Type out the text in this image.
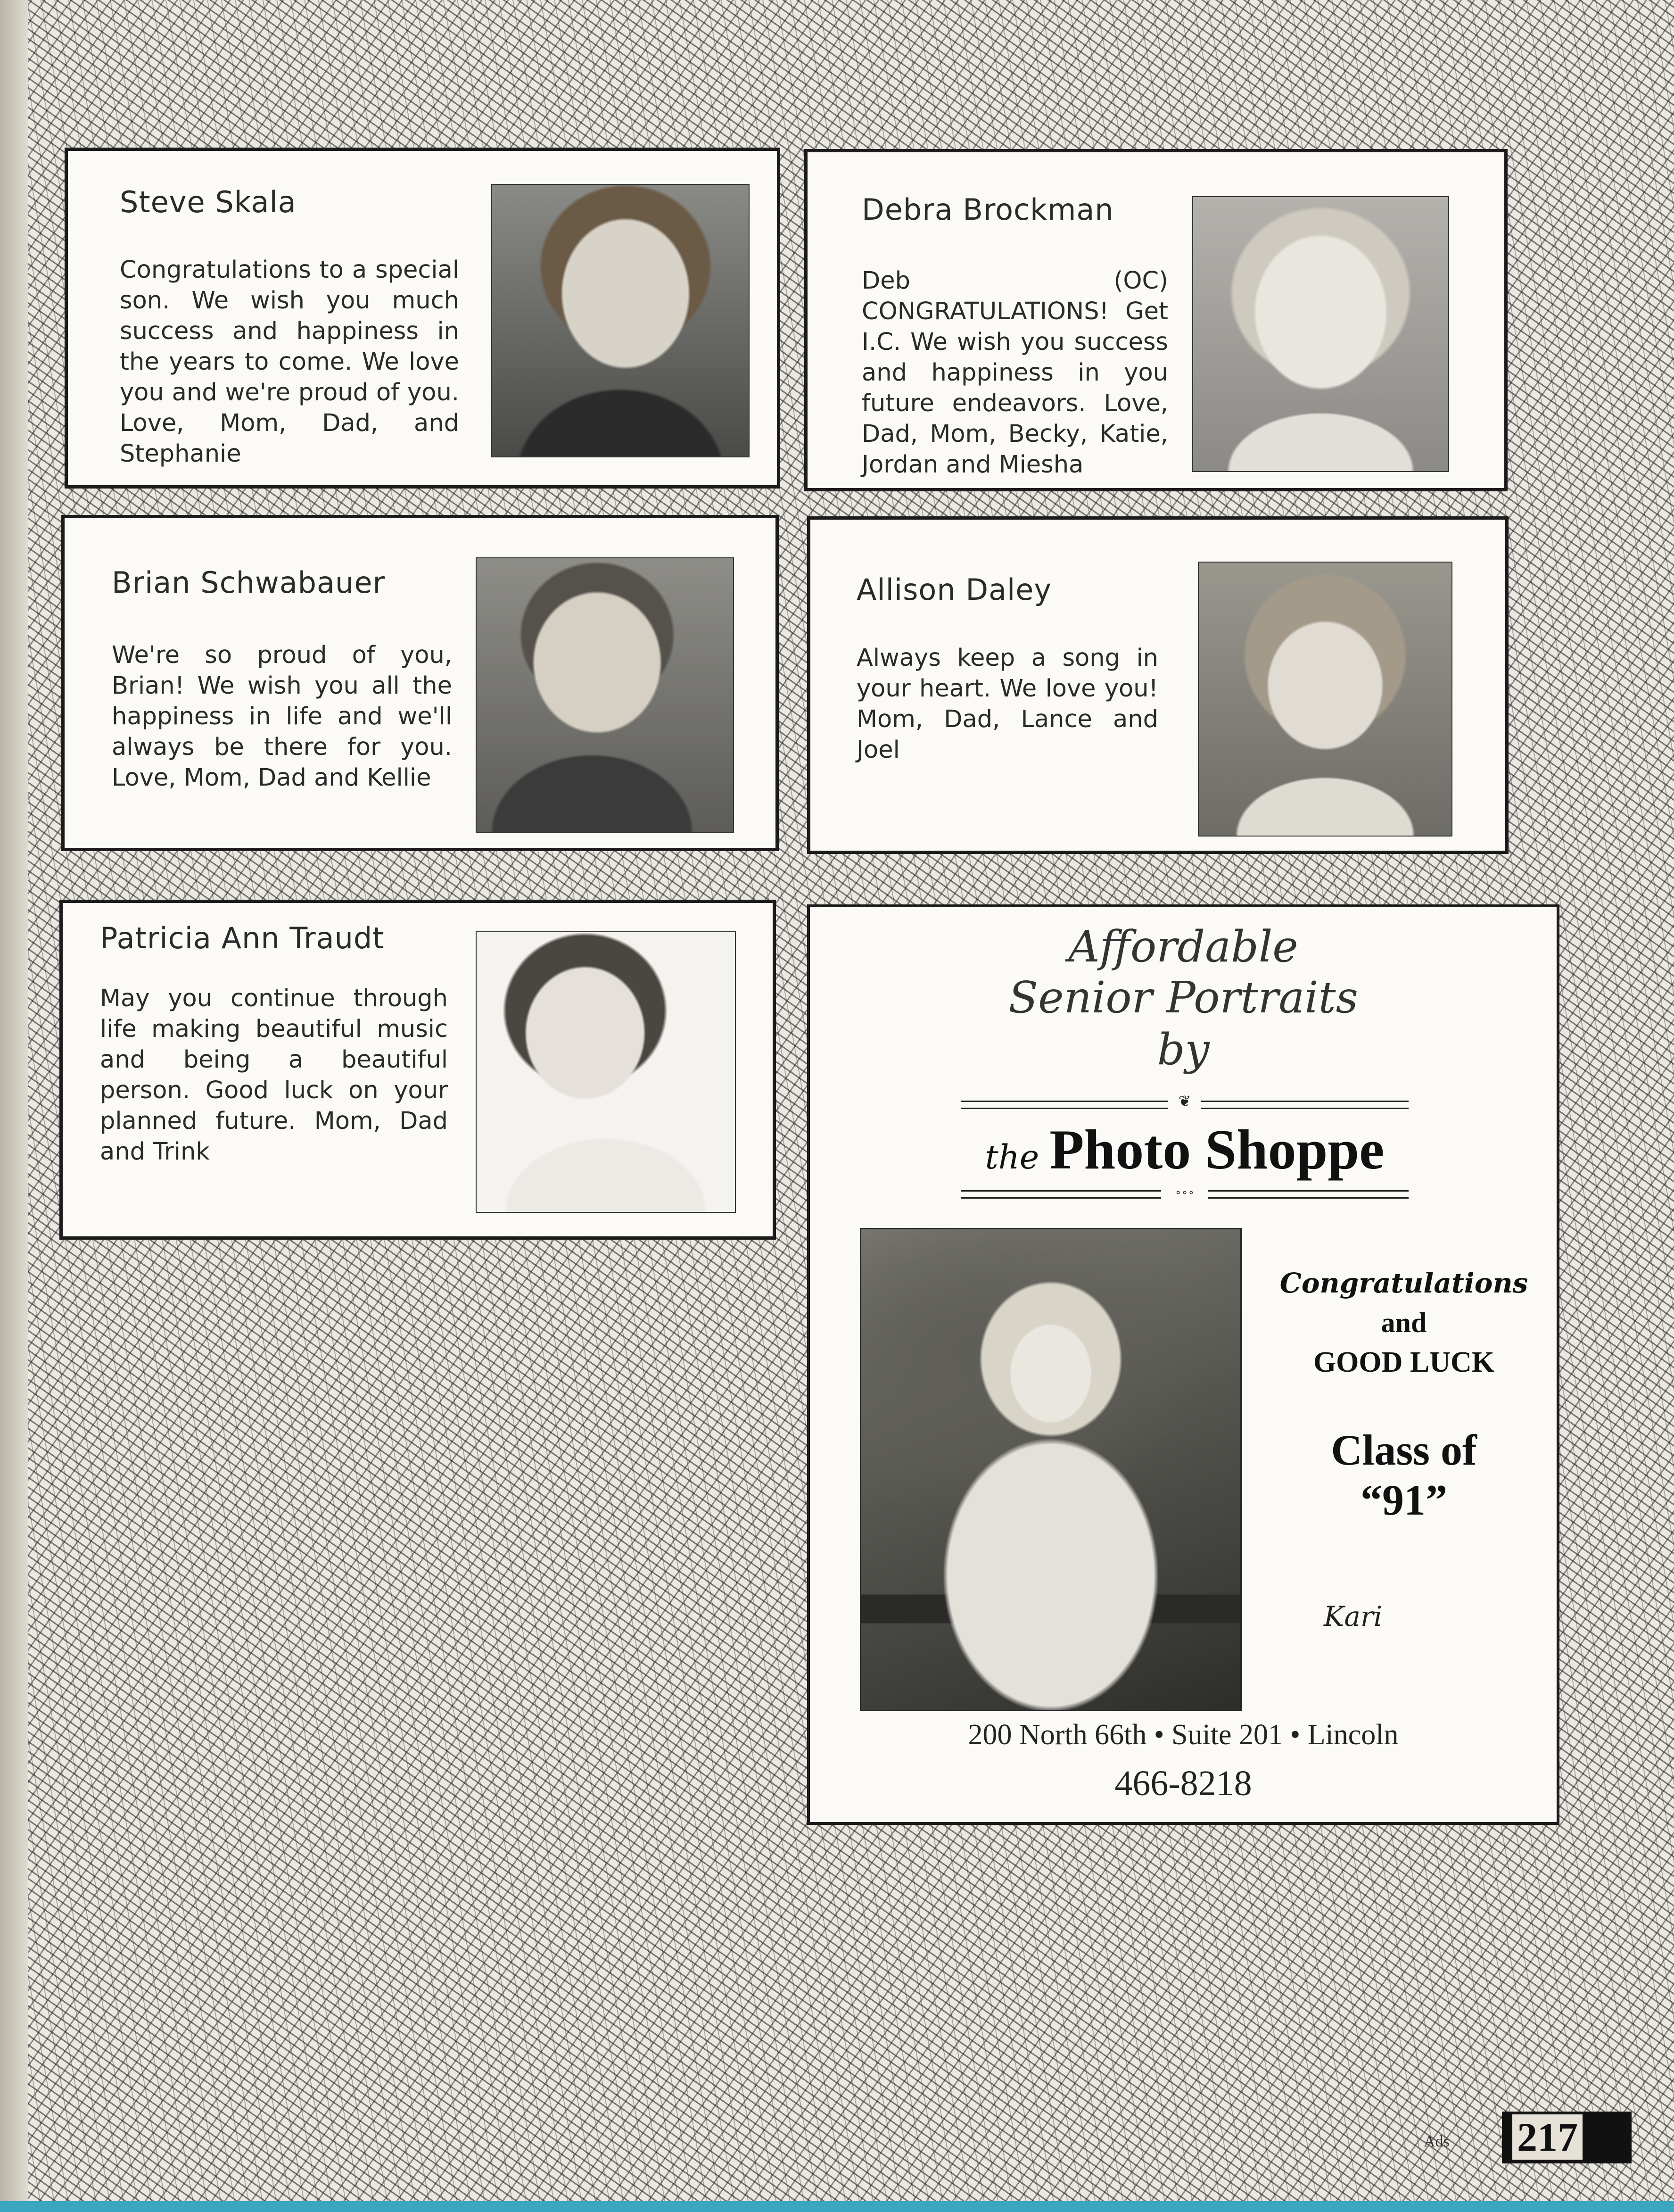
Steve Skala
Congratulations to a special son. We wish you much success and happiness in the years to come. We love you and we're proud of you. Love, Mom, Dad, and Stephanie
Debra Brockman
Deb (OC) CONGRATULATIONS! Get I.C. We wish you success and happiness in you future endeavors. Love, Dad, Mom, Becky, Katie, Jordan and Miesha
Brian Schwabauer
We're so proud of you, Brian! We wish you all the happiness in life and we'll always be there for you. Love, Mom, Dad and Kellie
Allison Daley
Always keep a song in your heart. We love you! Mom, Dad, Lance and Joel
Patricia Ann Traudt
May you continue through life making beautiful music and being a beautiful person. Good luck on your planned future. Mom, Dad and Trink
Affordable
Senior Portraits
by
❦
the Photo Shoppe
∘∘∘
Congratulations
and
GOOD LUCK
Class of
“91”
Kari
200 North 66th • Suite 201 • Lincoln
466-8218
Ads 217
